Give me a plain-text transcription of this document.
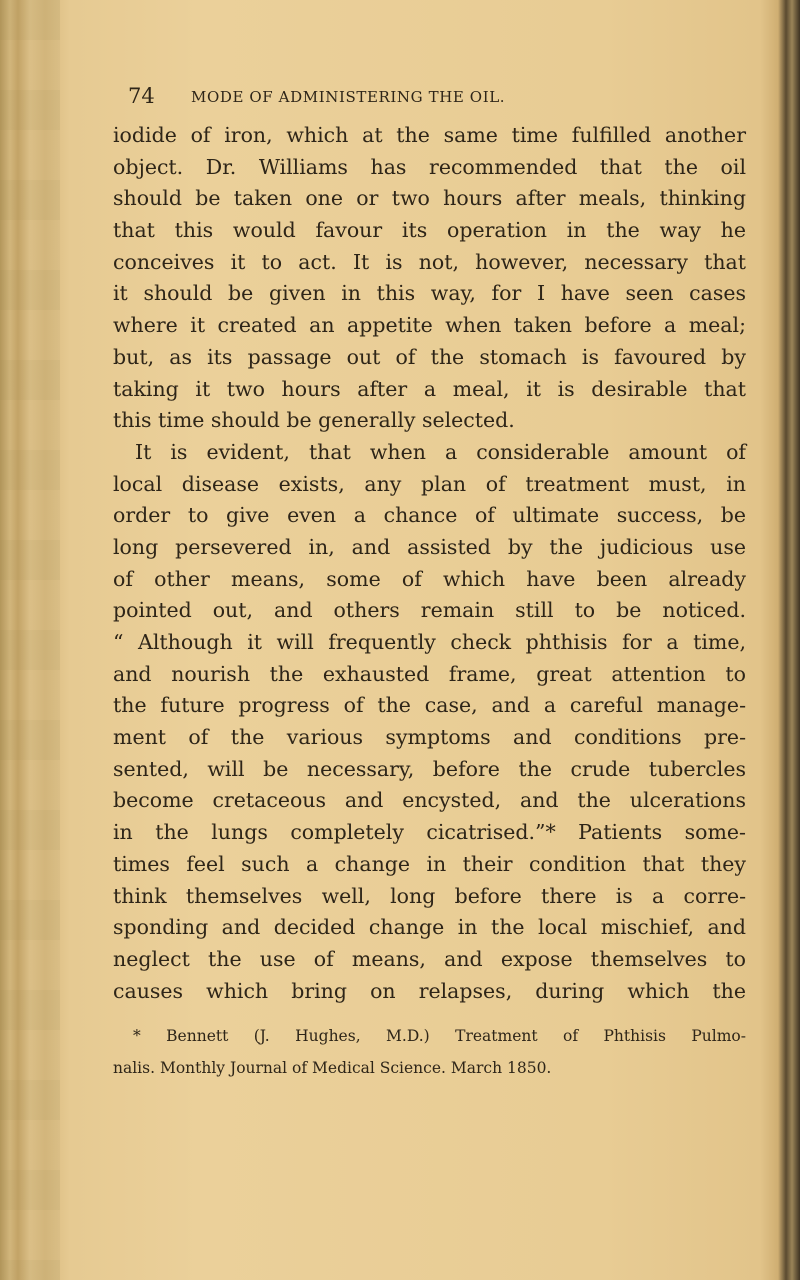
74 MODE OF ADMINISTERING THE OIL.
iodide of iron, which at the same time fulfilled another
object. Dr. Williams has recommended that the oil
should be taken one or two hours after meals, thinking
that this would favour its operation in the way he
conceives it to act. It is not, however, necessary that
it should be given in this way, for I have seen cases
where it created an appetite when taken before a meal;
but, as its passage out of the stomach is favoured by
taking it two hours after a meal, it is desirable that
this time should be generally selected.
It is evident, that when a considerable amount of
local disease exists, any plan of treatment must, in
order to give even a chance of ultimate success, be
long persevered in, and assisted by the judicious use
of other means, some of which have been already
pointed out, and others remain still to be noticed.
“ Although it will frequently check phthisis for a time,
and nourish the exhausted frame, great attention to
the future progress of the case, and a careful manage-
ment of the various symptoms and conditions pre-
sented, will be necessary, before the crude tubercles
become cretaceous and encysted, and the ulcerations
in the lungs completely cicatrised.”* Patients some-
times feel such a change in their condition that they
think themselves well, long before there is a corre-
sponding and decided change in the local mischief, and
neglect the use of means, and expose themselves to
causes which bring on relapses, during which the
* Bennett (J. Hughes, M.D.) Treatment of Phthisis Pulmo-
nalis. Monthly Journal of Medical Science. March 1850.
